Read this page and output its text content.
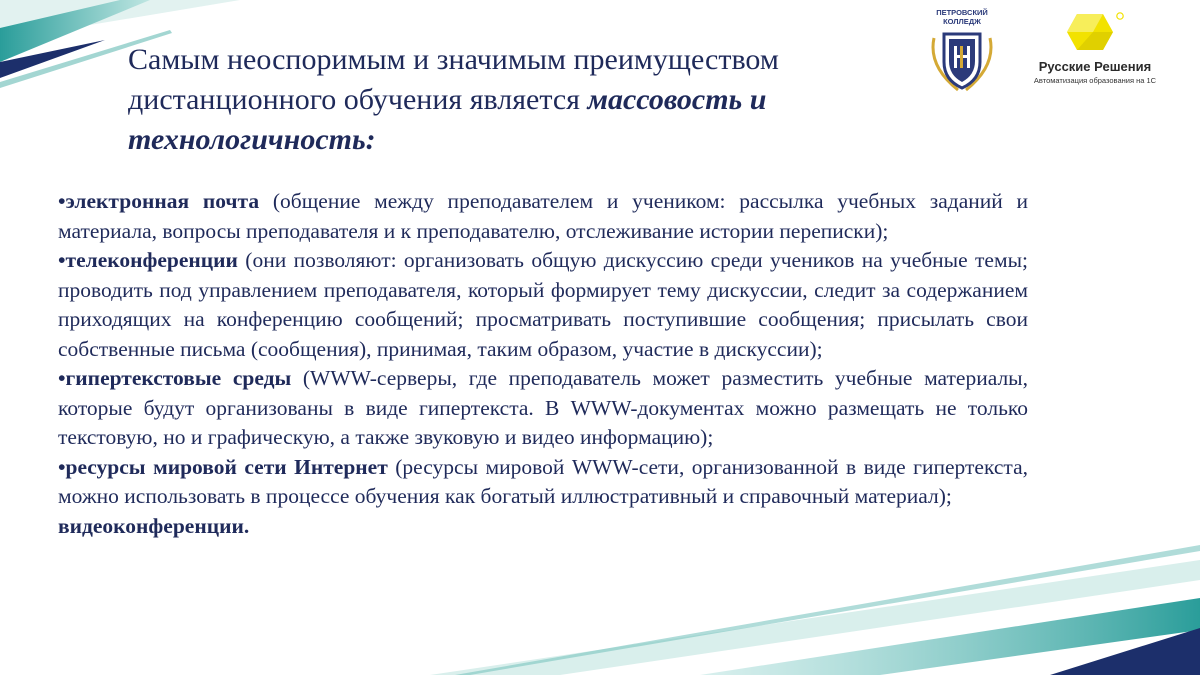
ПЕТРОВСКИЙ
КОЛЛЕДЖ
Русские Решения
Автоматизация образования на 1С
Самым неоспоримым и значимым преимуществом дистанционного обучения является массовость и технологичность:

•электронная почта (общение между преподавателем и учеником: рассылка учебных заданий и материала, вопросы преподавателя и к преподавателю, отслеживание истории переписки);

•телеконференции (они позволяют: организовать общую дискуссию среди учеников на учебные темы; проводить под управлением преподавателя, который формирует тему дискуссии, следит за содержанием приходящих на конференцию сообщений; просматривать поступившие сообщения; присылать свои собственные письма (сообщения), принимая, таким образом, участие в дискуссии);

•гипертекстовые среды (WWW-серверы, где преподаватель может разместить учебные материалы, которые будут организованы в виде гипертекста. В WWW-документах можно размещать не только текстовую, но и графическую, а также звуковую и видео информацию);

•ресурсы мировой сети Интернет (ресурсы мировой WWW-сети, организованной в виде гипертекста, можно использовать в процессе обучения как богатый иллюстративный и справочный материал);

видеоконференции.
